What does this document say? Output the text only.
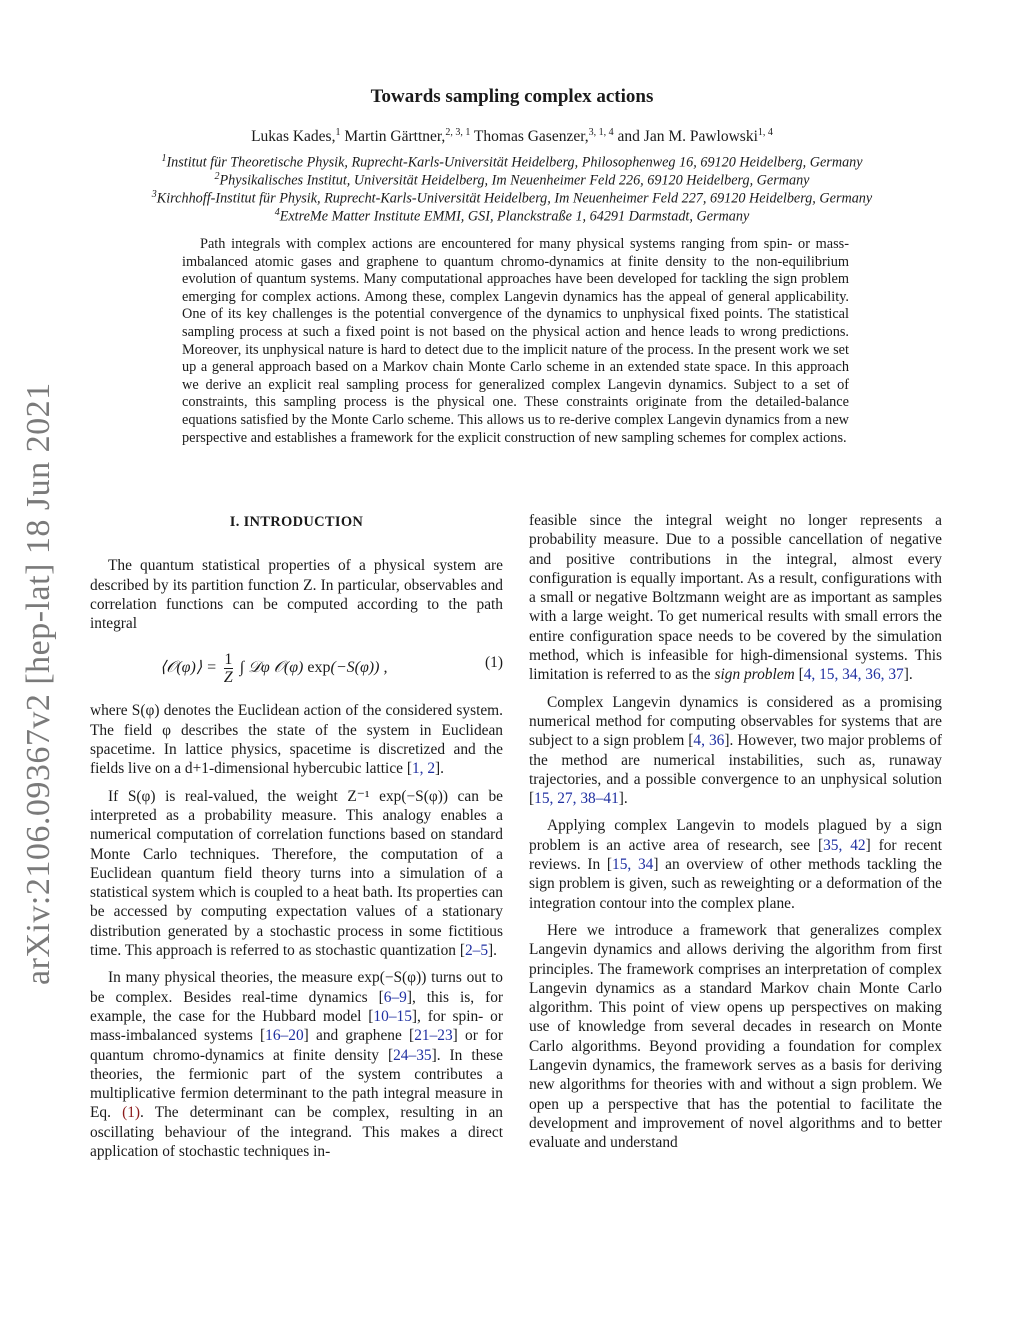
arXiv:2106.09367v2 [hep-lat] 18 Jun 2021
Towards sampling complex actions
Lukas Kades,$^1$ Martin Gärttner,$^{2, 3, 1}$ Thomas Gasenzer,$^{3, 1, 4}$ and Jan M. Pawlowski$^{1, 4}$
$^1$Institut für Theoretische Physik, Ruprecht-Karls-Universität Heidelberg, Philosophenweg 16, 69120 Heidelberg, Germany
$^2$Physikalisches Institut, Universität Heidelberg, Im Neuenheimer Feld 226, 69120 Heidelberg, Germany
$^3$Kirchhoff-Institut für Physik, Ruprecht-Karls-Universität Heidelberg, Im Neuenheimer Feld 227, 69120 Heidelberg, Germany
$^4$ExtreMe Matter Institute EMMI, GSI, Planckstraße 1, 64291 Darmstadt, Germany
Path integrals with complex actions are encountered for many physical systems ranging from spin- or mass-imbalanced atomic gases and graphene to quantum chromo-dynamics at finite density to the non-equilibrium evolution of quantum systems. Many computational approaches have been developed for tackling the sign problem emerging for complex actions. Among these, complex Langevin dynamics has the appeal of general applicability. One of its key challenges is the potential convergence of the dynamics to unphysical fixed points. The statistical sampling process at such a fixed point is not based on the physical action and hence leads to wrong predictions. Moreover, its unphysical nature is hard to detect due to the implicit nature of the process. In the present work we set up a general approach based on a Markov chain Monte Carlo scheme in an extended state space. In this approach we derive an explicit real sampling process for generalized complex Langevin dynamics. Subject to a set of constraints, this sampling process is the physical one. These constraints originate from the detailed-balance equations satisfied by the Monte Carlo scheme. This allows us to re-derive complex Langevin dynamics from a new perspective and establishes a framework for the explicit construction of new sampling schemes for complex actions.
I. INTRODUCTION

The quantum statistical properties of a physical system are described by its partition function Z. In particular, observables and correlation functions can be computed according to the path integral

⟨𝒪(φ)⟩ = $\frac{1}{Z}$ ∫ 𝒟φ 𝒪(φ) exp(−S(φ)) ,	(1)

where S(φ) denotes the Euclidean action of the considered system. The field φ describes the state of the system in Euclidean spacetime. In lattice physics, spacetime is discretized and the fields live on a d+1-dimensional hybercubic lattice [1, 2].

If S(φ) is real-valued, the weight Z⁻¹ exp(−S(φ)) can be interpreted as a probability measure. This analogy enables a numerical computation of correlation functions based on standard Monte Carlo techniques. Therefore, the computation of a Euclidean quantum field theory turns into a simulation of a statistical system which is coupled to a heat bath. Its properties can be accessed by computing expectation values of a stationary distribution generated by a stochastic process in some fictitious time. This approach is referred to as stochastic quantization [2–5].

In many physical theories, the measure exp(−S(φ)) turns out to be complex. Besides real-time dynamics [6–9], this is, for example, the case for the Hubbard model [10–15], for spin- or mass-imbalanced systems [16–20] and graphene [21–23] or for quantum chromo-dynamics at finite density [24–35]. In these theories, the fermionic part of the system contributes a multiplicative fermion determinant to the path integral measure in Eq. (1). The determinant can be complex, resulting in an oscillating behaviour of the integrand. This makes a direct application of stochastic techniques in-

feasible since the integral weight no longer represents a probability measure. Due to a possible cancellation of negative and positive contributions in the integral, almost every configuration is equally important. As a result, configurations with a small or negative Boltzmann weight are as important as samples with a large weight. To get numerical results with small errors the entire configuration space needs to be covered by the simulation method, which is infeasible for high-dimensional systems. This limitation is referred to as the sign problem [4, 15, 34, 36, 37].

Complex Langevin dynamics is considered as a promising numerical method for computing observables for systems that are subject to a sign problem [4, 36]. However, two major problems of the method are numerical instabilities, such as, runaway trajectories, and a possible convergence to an unphysical solution [15, 27, 38–41].

Applying complex Langevin to models plagued by a sign problem is an active area of research, see [35, 42] for recent reviews. In [15, 34] an overview of other methods tackling the sign problem is given, such as reweighting or a deformation of the integration contour into the complex plane.

Here we introduce a framework that generalizes complex Langevin dynamics and allows deriving the algorithm from first principles. The framework comprises an interpretation of complex Langevin dynamics as a standard Markov chain Monte Carlo algorithm. This point of view opens up perspectives on making use of knowledge from several decades in research on Monte Carlo algorithms. Beyond providing a foundation for complex Langevin dynamics, the framework serves as a basis for deriving new algorithms for theories with and without a sign problem. We open up a perspective that has the potential to facilitate the development and improvement of novel algorithms and to better evaluate and understand
